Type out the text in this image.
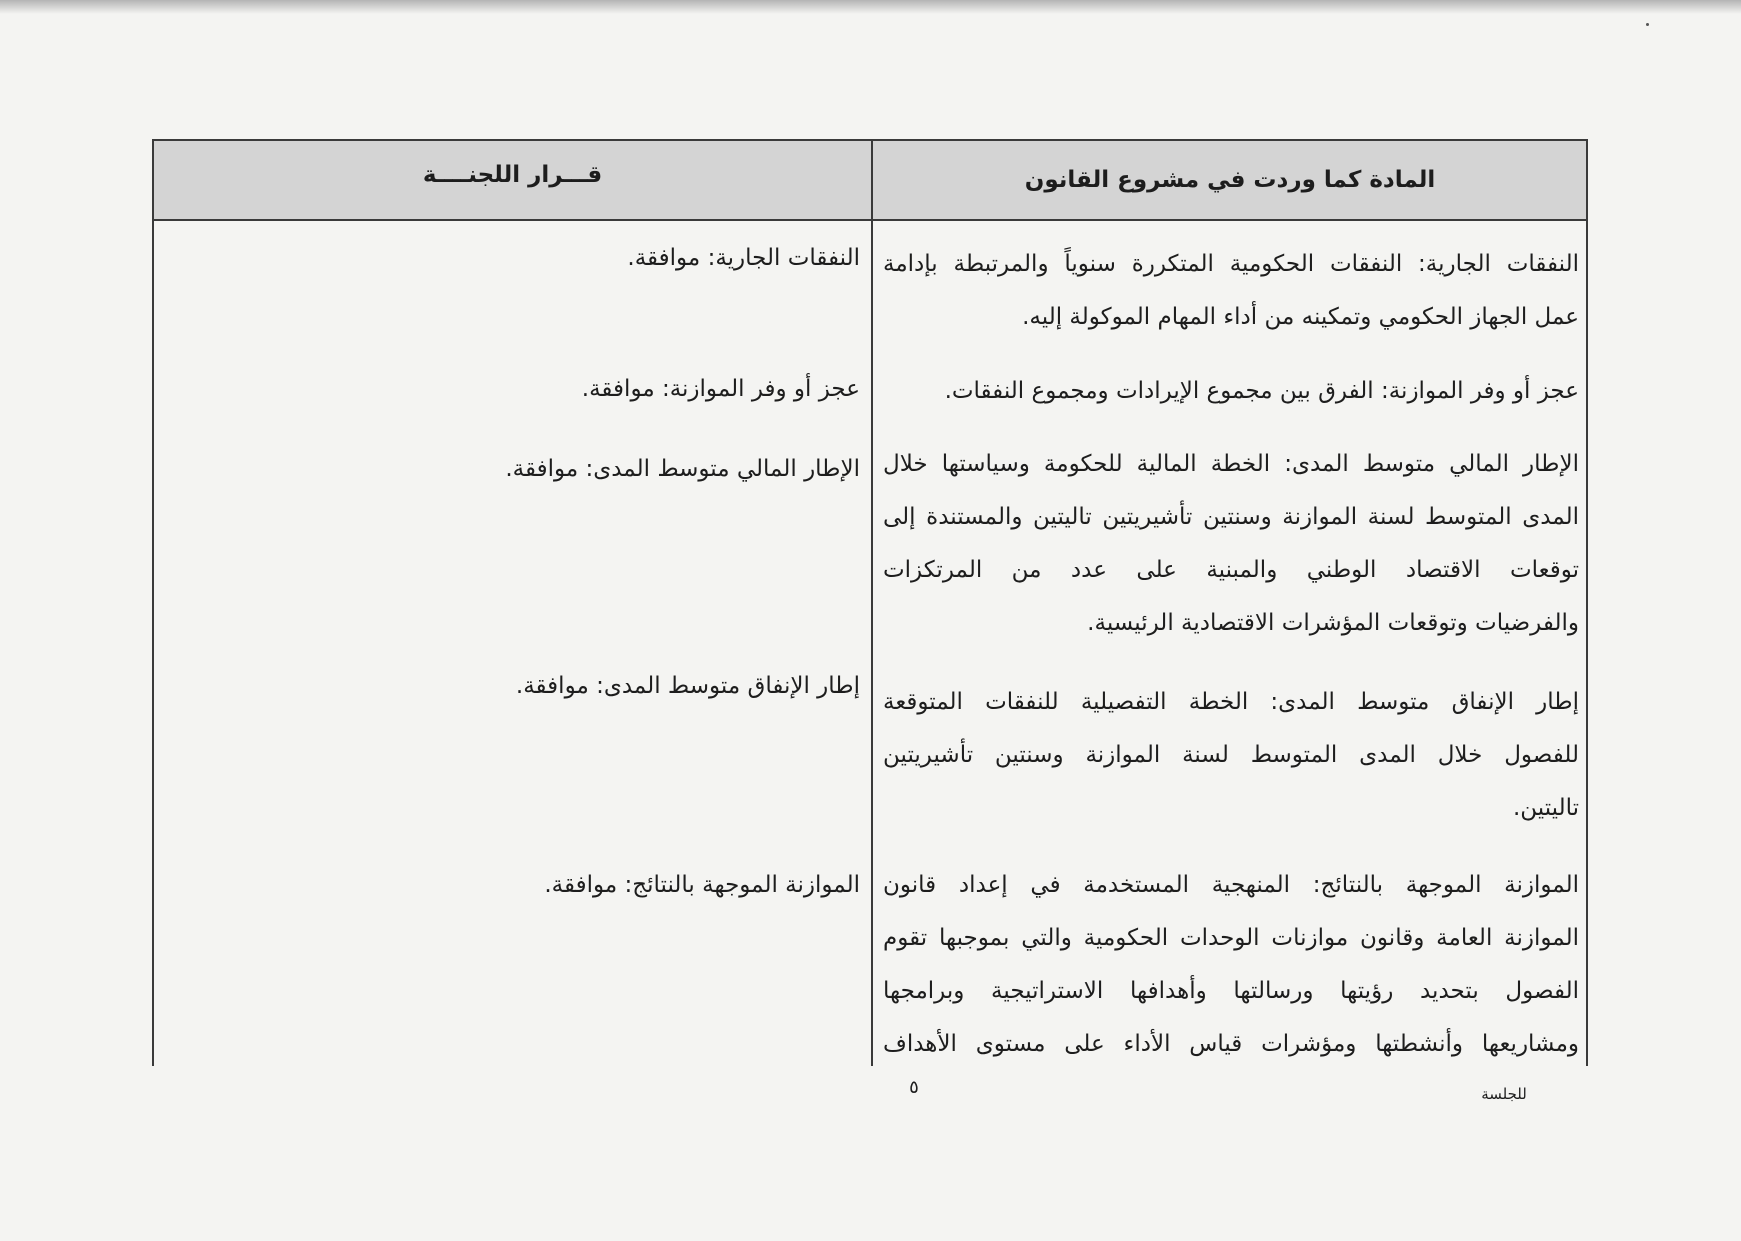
المادة كما وردت في مشروع القانون
قـــرار اللجنــــة
النفقات الجارية: النفقات الحكومية المتكررة سنوياً والمرتبطة بإدامة
عمل الجهاز الحكومي وتمكينه من أداء المهام الموكولة إليه.
النفقات الجارية: موافقة.
عجز أو وفر الموازنة: الفرق بين مجموع الإيرادات ومجموع النفقات.
عجز أو وفر الموازنة: موافقة.
الإطار المالي متوسط المدى: الخطة المالية للحكومة وسياستها خلال
المدى المتوسط لسنة الموازنة وسنتين تأشيريتين تاليتين والمستندة إلى
توقعات الاقتصاد الوطني والمبنية على عدد من المرتكزات
والفرضيات وتوقعات المؤشرات الاقتصادية الرئيسية.
الإطار المالي متوسط المدى: موافقة.
إطار الإنفاق متوسط المدى: الخطة التفصيلية للنفقات المتوقعة
للفصول خلال المدى المتوسط لسنة الموازنة وسنتين تأشيريتين
تاليتين.
إطار الإنفاق متوسط المدى: موافقة.
الموازنة الموجهة بالنتائج: المنهجية المستخدمة في إعداد قانون
الموازنة العامة وقانون موازنات الوحدات الحكومية والتي بموجبها تقوم
الفصول بتحديد رؤيتها ورسالتها وأهدافها الاستراتيجية وبرامجها
ومشاريعها وأنشطتها ومؤشرات قياس الأداء على مستوى الأهداف
الموازنة الموجهة بالنتائج: موافقة.
٥	للجلسة
